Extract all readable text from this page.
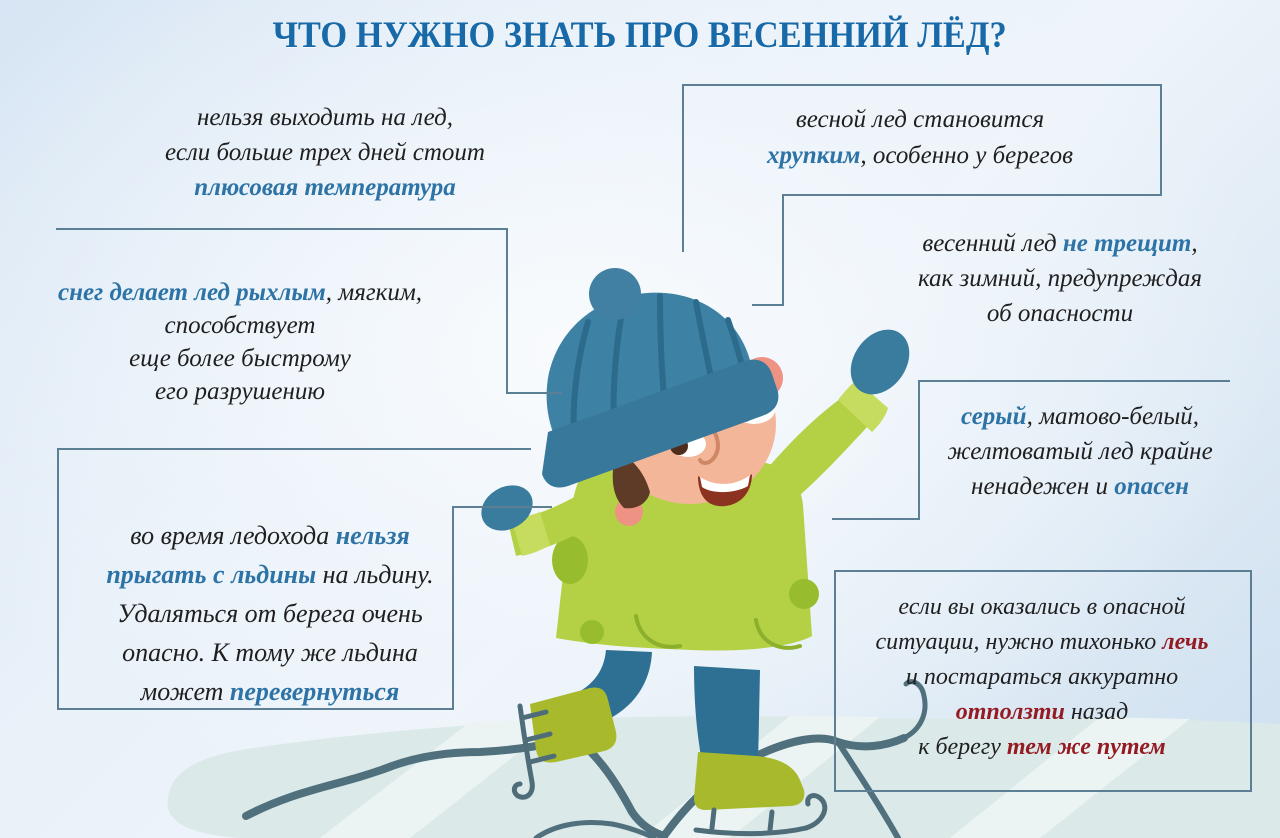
ЧТО НУЖНО ЗНАТЬ ПРО ВЕСЕННИЙ ЛЁД?
нельзя выходить на лед,
если больше трех дней стоит
плюсовая температура
снег делает лед рыхлым, мягким,
способствует
еще более быстрому
его разрушению
во время ледохода нельзя
прыгать с льдины на льдину.
Удаляться от берега очень
опасно. К тому же льдина
может перевернуться
весной лед становится
хрупким, особенно у берегов
весенний лед не трещит,
как зимний, предупреждая
об опасности
серый, матово-белый,
желтоватый лед крайне
ненадежен и опасен
если вы оказались в опасной
ситуации, нужно тихонько лечь
и постараться аккуратно
отползти назад
к берегу тем же путем
